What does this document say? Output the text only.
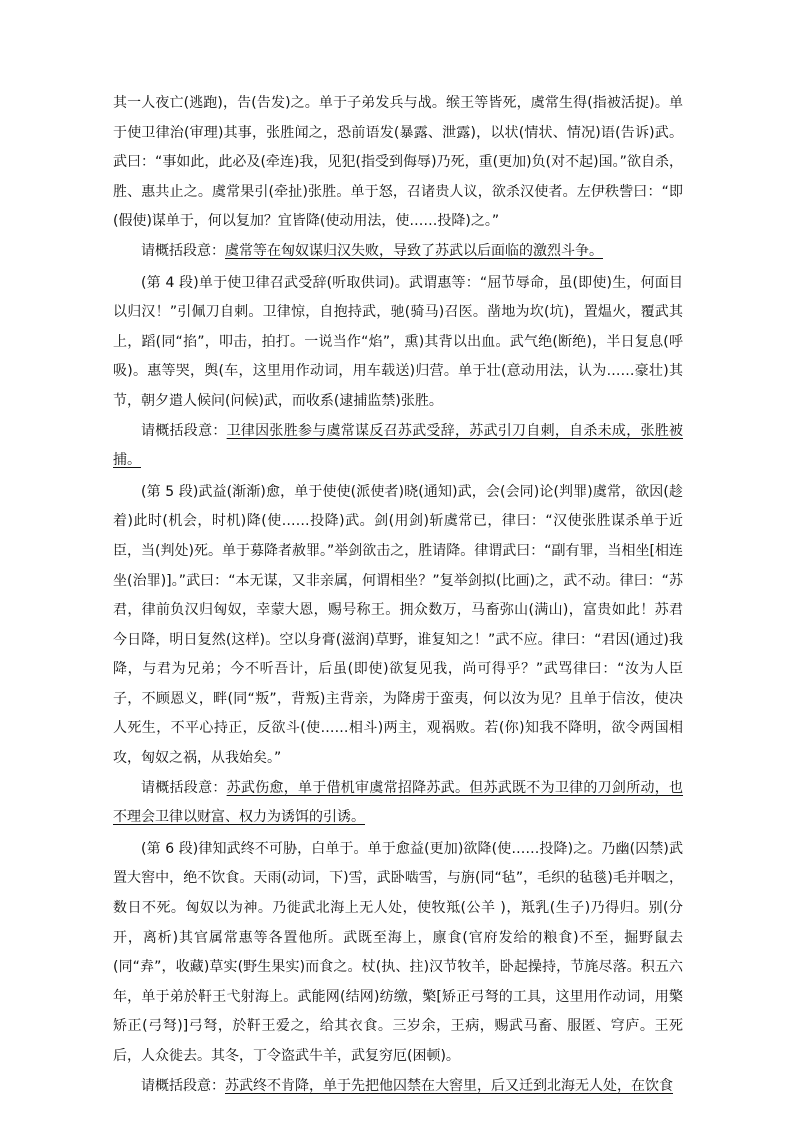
其一人夜亡(逃跑)，告(告发)之。单于子弟发兵与战。缑王等皆死，虞常生得(指被活捉)。单于使卫律治(审理)其事，张胜闻之，恐前语发(暴露、泄露)，以状(情状、情况)语(告诉)武。武曰：“事如此，此必及(牵连)我，见犯(指受到侮辱)乃死，重(更加)负(对不起)国。”欲自杀，胜、惠共止之。虞常果引(牵扯)张胜。单于怒，召诸贵人议，欲杀汉使者。左伊秩訾曰：“即(假使)谋单于，何以复加？宜皆降(使动用法，使……投降)之。”

请概括段意：虞常等在匈奴谋归汉失败，导致了苏武以后面临的激烈斗争。

(第 4 段)单于使卫律召武受辞(听取供词)。武谓惠等：“屈节辱命，虽(即使)生，何面目以归汉！”引佩刀自刺。卫律惊，自抱持武，驰(骑马)召医。凿地为坎(坑)，置煴火，覆武其上，蹈(同“掐”，叩击，拍打。一说当作“焰”，熏)其背以出血。武气绝(断绝)，半日复息(呼吸)。惠等哭，舆(车，这里用作动词，用车载送)归营。单于壮(意动用法，认为……豪壮)其节，朝夕遣人候问(问候)武，而收系(逮捕监禁)张胜。

请概括段意：卫律因张胜参与虞常谋反召苏武受辞，苏武引刀自刺，自杀未成，张胜被捕。

(第 5 段)武益(渐渐)愈，单于使使(派使者)晓(通知)武，会(会同)论(判罪)虞常，欲因(趁着)此时(机会，时机)降(使……投降)武。剑(用剑)斩虞常已，律曰：“汉使张胜谋杀单于近臣，当(判处)死。单于募降者赦罪。”举剑欲击之，胜请降。律谓武曰：“副有罪，当相坐[相连坐(治罪)]。”武曰：“本无谋，又非亲属，何谓相坐？”复举剑拟(比画)之，武不动。律曰：“苏君，律前负汉归匈奴，幸蒙大恩，赐号称王。拥众数万，马畜弥山(满山)，富贵如此！苏君今日降，明日复然(这样)。空以身膏(滋润)草野，谁复知之！”武不应。律曰：“君因(通过)我降，与君为兄弟；今不听吾计，后虽(即使)欲复见我，尚可得乎？”武骂律曰：“汝为人臣子，不顾恩义，畔(同“叛”，背叛)主背亲，为降虏于蛮夷，何以汝为见？且单于信汝，使决人死生，不平心持正，反欲斗(使……相斗)两主，观祸败。若(你)知我不降明，欲令两国相攻，匈奴之祸，从我始矣。”

请概括段意：苏武伤愈，单于借机审虞常招降苏武。但苏武既不为卫律的刀剑所动，也不理会卫律以财富、权力为诱饵的引诱。

(第 6 段)律知武终不可胁，白单于。单于愈益(更加)欲降(使……投降)之。乃幽(囚禁)武置大窖中，绝不饮食。天雨(动词，下)雪，武卧啮雪，与旃(同“毡”，毛织的毡毯)毛并咽之，数日不死。匈奴以为神。乃徙武北海上无人处，使牧羝(公羊 )，羝乳(生子)乃得归。别(分开，离析)其官属常惠等各置他所。武既至海上，廪食(官府发给的粮食)不至，掘野鼠去(同“弆”，收藏)草实(野生果实)而食之。杖(执、拄)汉节牧羊，卧起操持，节旄尽落。积五六年，单于弟於靬王弋射海上。武能网(结网)纺缴，檠[矫正弓弩的工具，这里用作动词，用檠矫正(弓弩)]弓弩，於靬王爱之，给其衣食。三岁余，王病，赐武马畜、服匿、穹庐。王死后，人众徙去。其冬，丁令盗武牛羊，武复穷厄(困顿)。

请概括段意：苏武终不肯降，单于先把他囚禁在大窖里，后又迁到北海无人处，在饮食
